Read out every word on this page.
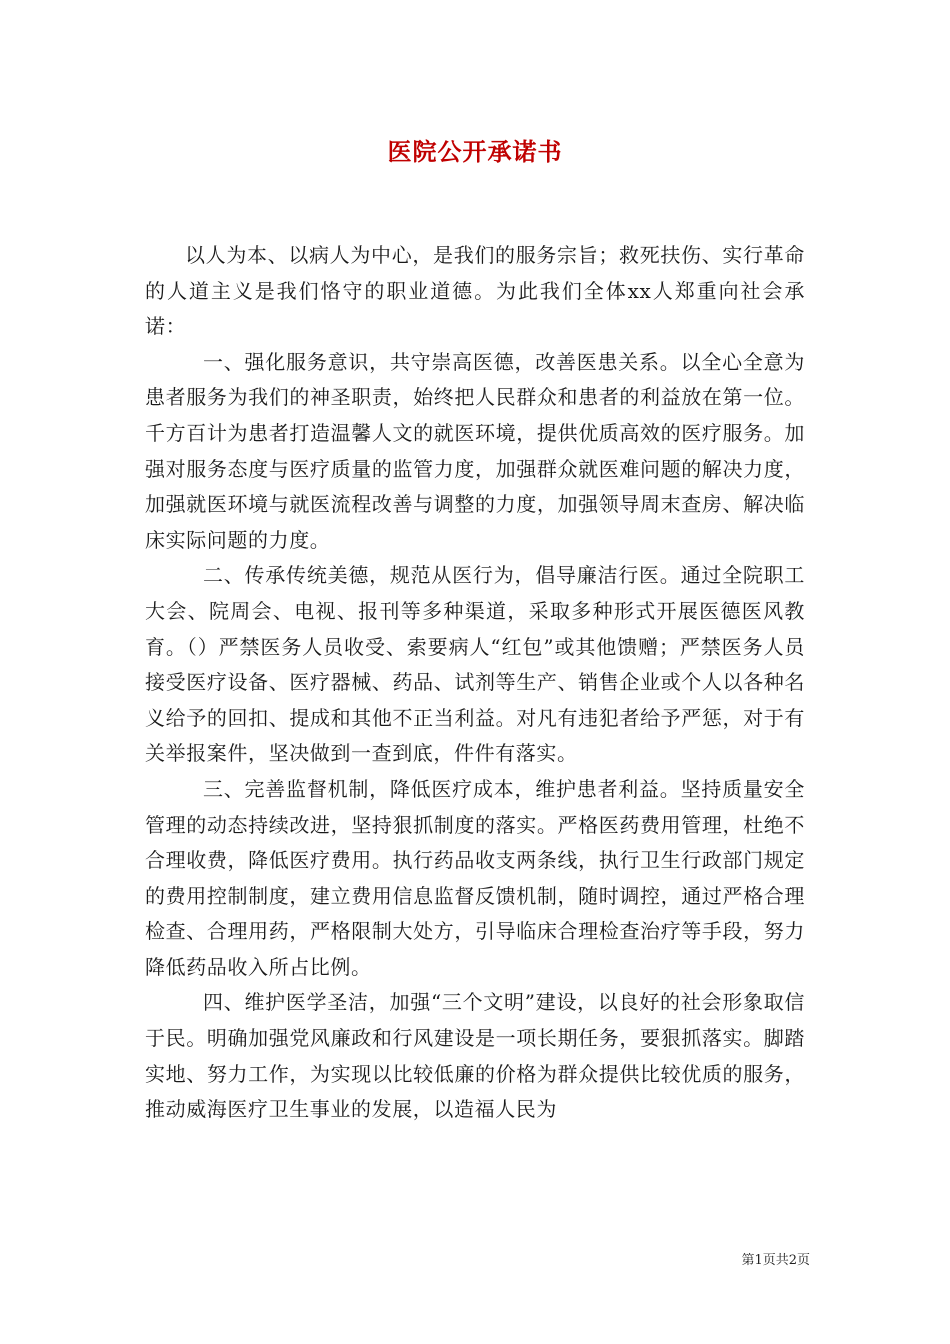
医院公开承诺书

以人为本、以病人为中心，是我们的服务宗旨；救死扶伤、实行革命的人道主义是我们恪守的职业道德。为此我们全体xx人郑重向社会承诺：

一、强化服务意识，共守崇高医德，改善医患关系。以全心全意为患者服务为我们的神圣职责，始终把人民群众和患者的利益放在第一位。千方百计为患者打造温馨人文的就医环境，提供优质高效的医疗服务。加强对服务态度与医疗质量的监管力度，加强群众就医难问题的解决力度，加强就医环境与就医流程改善与调整的力度，加强领导周末查房、解决临床实际问题的力度。

二、传承传统美德，规范从医行为，倡导廉洁行医。通过全院职工大会、院周会、电视、报刊等多种渠道，采取多种形式开展医德医风教育。（）严禁医务人员收受、索要病人“红包”或其他馈赠；严禁医务人员接受医疗设备、医疗器械、药品、试剂等生产、销售企业或个人以各种名义给予的回扣、提成和其他不正当利益。对凡有违犯者给予严惩，对于有关举报案件，坚决做到一查到底，件件有落实。

三、完善监督机制，降低医疗成本，维护患者利益。坚持质量安全管理的动态持续改进，坚持狠抓制度的落实。严格医药费用管理，杜绝不合理收费，降低医疗费用。执行药品收支两条线，执行卫生行政部门规定的费用控制制度，建立费用信息监督反馈机制，随时调控，通过严格合理检查、合理用药，严格限制大处方，引导临床合理检查治疗等手段，努力降低药品收入所占比例。

四、维护医学圣洁，加强“三个文明”建设，以良好的社会形象取信于民。明确加强党风廉政和行风建设是一项长期任务，要狠抓落实。脚踏实地、努力工作，为实现以比较低廉的价格为群众提供比较优质的服务，推动威海医疗卫生事业的发展，以造福人民为

第1页共2页
